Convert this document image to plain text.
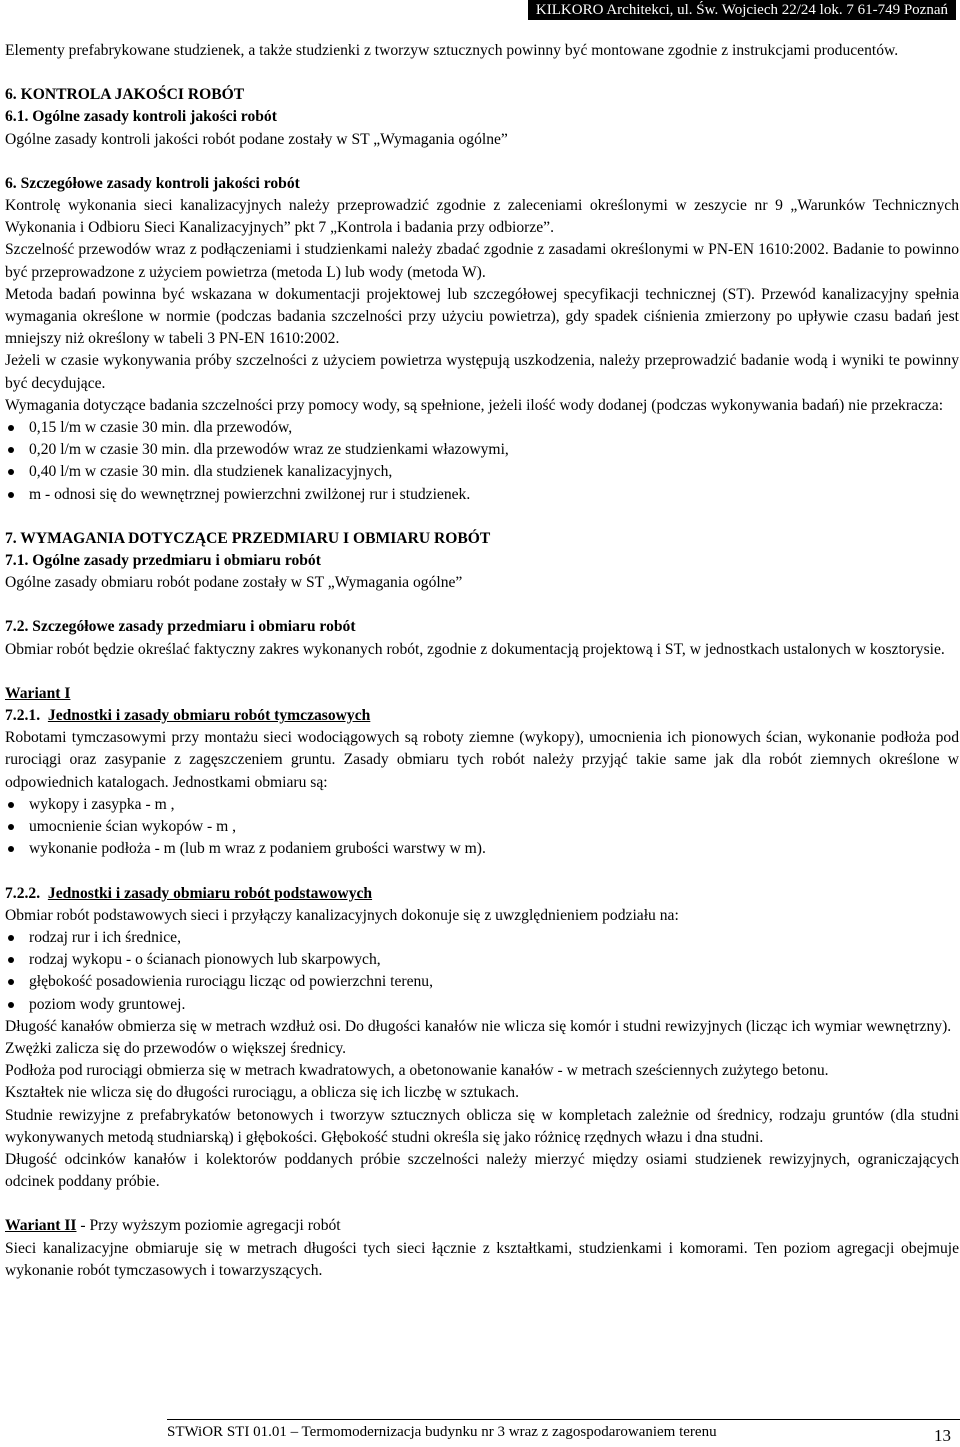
KILKORO Architekci, ul. Św. Wojciech 22/24 lok. 7 61-749 Poznań

Elementy prefabrykowane studzienek, a także studzienki z tworzyw sztucznych powinny być montowane zgodnie z instrukcjami producentów.

6. KONTROLA JAKOŚCI ROBÓT

6.1. Ogólne zasady kontroli jakości robót

Ogólne zasady kontroli jakości robót podane zostały w ST „Wymagania ogólne”

6. Szczegółowe zasady kontroli jakości robót

Kontrolę wykonania sieci kanalizacyjnych należy przeprowadzić zgodnie z zaleceniami określonymi w zeszycie nr 9 „Warunków Technicznych Wykonania i Odbioru Sieci Kanalizacyjnych” pkt 7 „Kontrola i badania przy odbiorze”.

Szczelność przewodów wraz z podłączeniami i studzienkami należy zbadać zgodnie z zasadami określonymi w PN-EN 1610:2002. Badanie to powinno być przeprowadzone z użyciem powietrza (metoda L) lub wody (metoda W).

Metoda badań powinna być wskazana w dokumentacji projektowej lub szczegółowej specyfikacji technicznej (ST). Przewód kanalizacyjny spełnia wymagania określone w normie (podczas badania szczelności przy użyciu powietrza), gdy spadek ciśnienia zmierzony po upływie czasu badań jest mniejszy niż określony w tabeli 3 PN-EN 1610:2002.

Jeżeli w czasie wykonywania próby szczelności z użyciem powietrza występują uszkodzenia, należy przeprowadzić badanie wodą i wyniki te powinny być decydujące.

Wymagania dotyczące badania szczelności przy pomocy wody, są spełnione, jeżeli ilość wody dodanej (podczas wykonywania badań) nie przekracza:

0,15 l/m w czasie 30 min. dla przewodów,
0,20 l/m w czasie 30 min. dla przewodów wraz ze studzienkami włazowymi,
0,40 l/m w czasie 30 min. dla studzienek kanalizacyjnych,
m - odnosi się do wewnętrznej powierzchni zwilżonej rur i studzienek.

7. WYMAGANIA DOTYCZĄCE PRZEDMIARU I OBMIARU ROBÓT

7.1. Ogólne zasady przedmiaru i obmiaru robót

Ogólne zasady obmiaru robót podane zostały w ST „Wymagania ogólne”

7.2. Szczegółowe zasady przedmiaru i obmiaru robót

Obmiar robót będzie określać faktyczny zakres wykonanych robót, zgodnie z dokumentacją projektową i ST, w jednostkach ustalonych w kosztorysie.

Wariant I

7.2.1. Jednostki i zasady obmiaru robót tymczasowych

Robotami tymczasowymi przy montażu sieci wodociągowych są roboty ziemne (wykopy), umocnienia ich pionowych ścian, wykonanie podłoża pod rurociągi oraz zasypanie z zagęszczeniem gruntu. Zasady obmiaru tych robót należy przyjąć takie same jak dla robót ziemnych określone w odpowiednich katalogach. Jednostkami obmiaru są:

wykopy i zasypka - m ,
umocnienie ścian wykopów - m ,
wykonanie podłoża - m (lub m wraz z podaniem grubości warstwy w m).

7.2.2. Jednostki i zasady obmiaru robót podstawowych

Obmiar robót podstawowych sieci i przyłączy kanalizacyjnych dokonuje się z uwzględnieniem podziału na:

rodzaj rur i ich średnice,
rodzaj wykopu - o ścianach pionowych lub skarpowych,
głębokość posadowienia rurociągu licząc od powierzchni terenu,
poziom wody gruntowej.

Długość kanałów obmierza się w metrach wzdłuż osi. Do długości kanałów nie wlicza się komór i studni rewizyjnych (licząc ich wymiar wewnętrzny).

Zwężki zalicza się do przewodów o większej średnicy.

Podłoża pod rurociągi obmierza się w metrach kwadratowych, a obetonowanie kanałów - w metrach sześciennych zużytego betonu.

Kształtek nie wlicza się do długości rurociągu, a oblicza się ich liczbę w sztukach.

Studnie rewizyjne z prefabrykatów betonowych i tworzyw sztucznych oblicza się w kompletach zależnie od średnicy, rodzaju gruntów (dla studni wykonywanych metodą studniarską) i głębokości. Głębokość studni określa się jako różnicę rzędnych włazu i dna studni.

Długość odcinków kanałów i kolektorów poddanych próbie szczelności należy mierzyć między osiami studzienek rewizyjnych, ograniczających odcinek poddany próbie.

Wariant II - Przy wyższym poziomie agregacji robót

Sieci kanalizacyjne obmiaruje się w metrach długości tych sieci łącznie z kształtkami, studzienkami i komorami. Ten poziom agregacji obejmuje wykonanie robót tymczasowych i towarzyszących.

STWiOR STI 01.01 – Termomodernizacja budynku nr 3 wraz z zagospodarowaniem terenu	13
